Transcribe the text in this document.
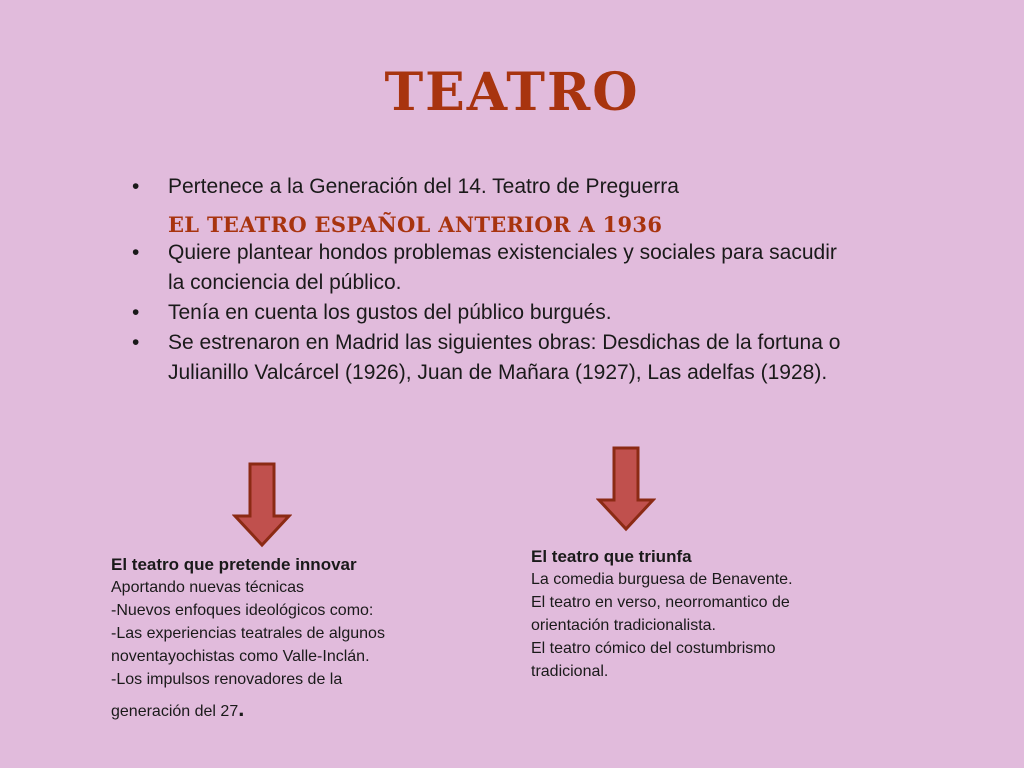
TEATRO
• Pertenece a la Generación del 14. Teatro de Preguerra
EL TEATRO ESPAÑOL ANTERIOR A 1936
• Quiere plantear hondos problemas existenciales y sociales para sacudir la conciencia del público.
• Tenía en cuenta los gustos del público burgués.
• Se estrenaron en Madrid las siguientes obras: Desdichas de la fortuna o Julianillo Valcárcel (1926), Juan de Mañara (1927), Las adelfas (1928).
El teatro que pretende innovar
Aportando nuevas técnicas
-Nuevos enfoques ideológicos como:
-Las experiencias teatrales de algunos
noventayochistas como Valle-Inclán.
-Los impulsos renovadores de la
generación del 27.
El teatro que triunfa
La comedia burguesa de Benavente.
El teatro en verso, neorromantico de
orientación tradicionalista.
El teatro cómico del costumbrismo
tradicional.
